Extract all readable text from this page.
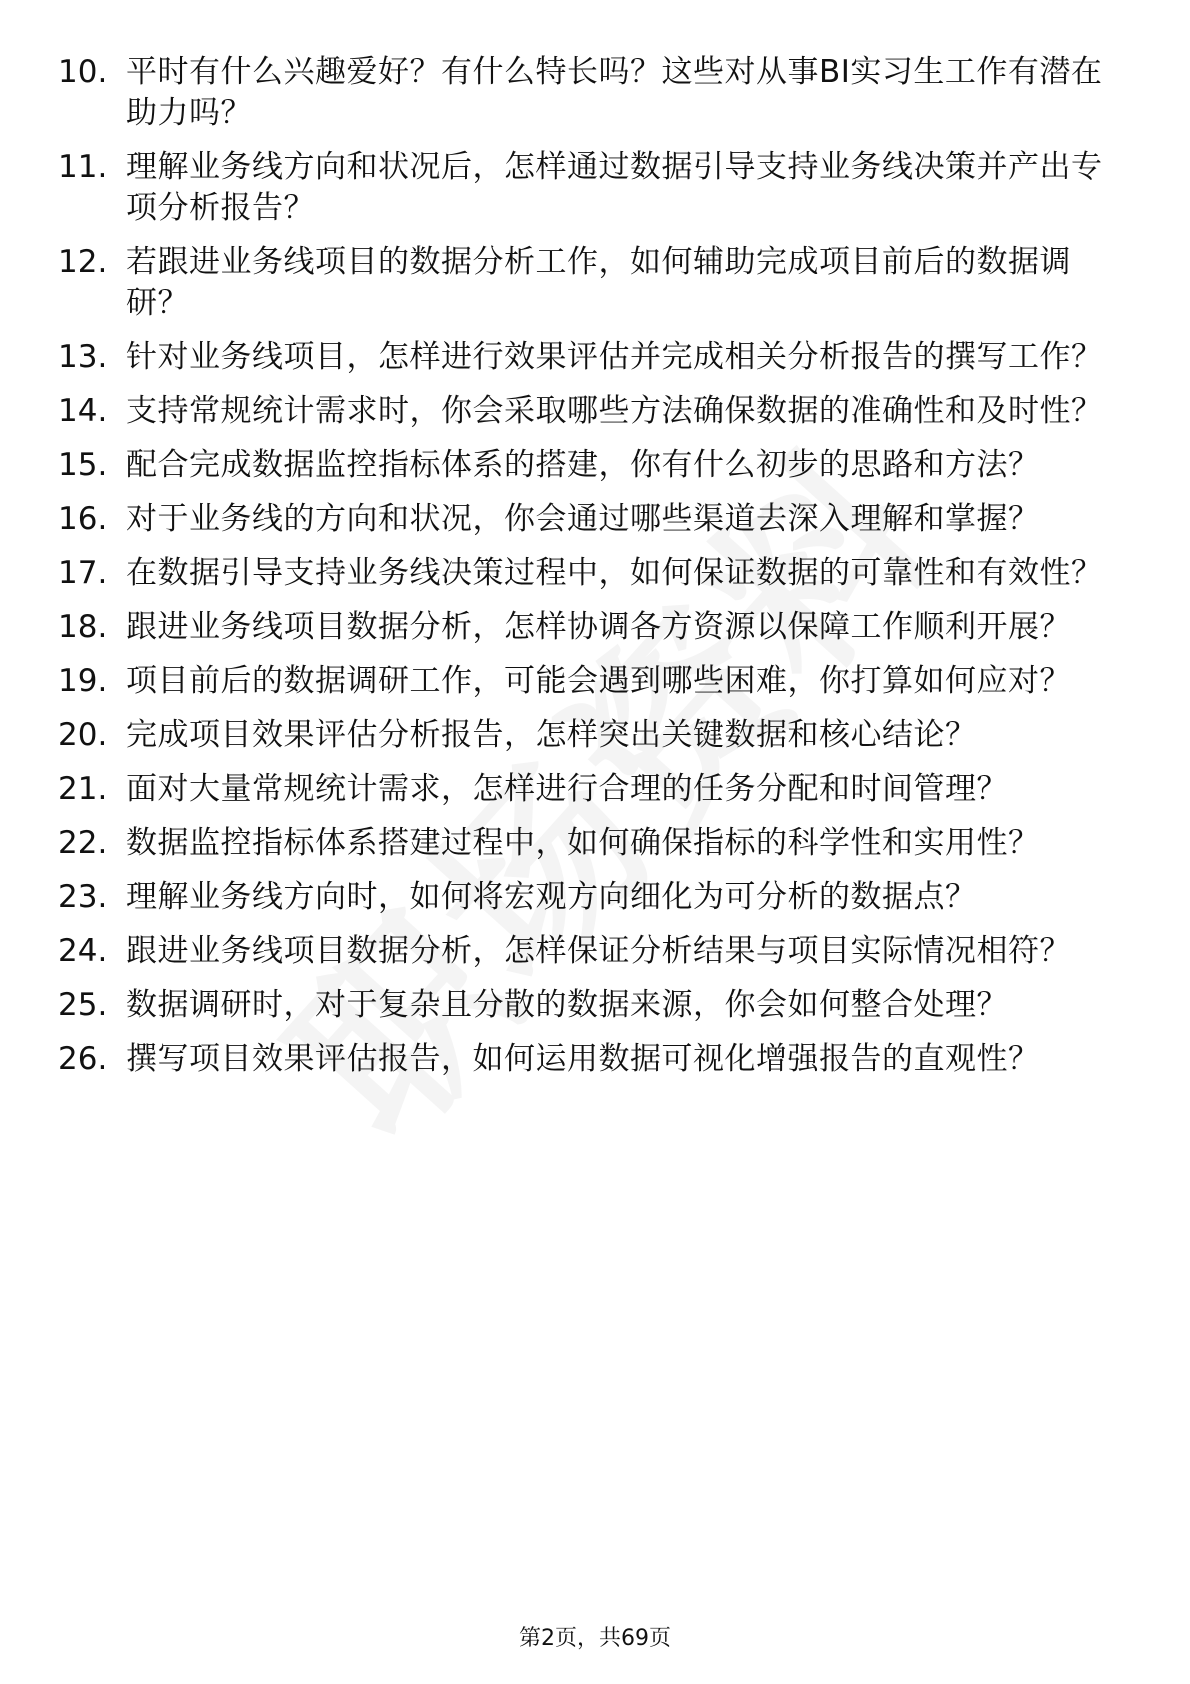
10. 平时有什么兴趣爱好？有什么特长吗？这些对从事BI实习生工作有潜在助力吗？
11. 理解业务线方向和状况后，怎样通过数据引导支持业务线决策并产出专项分析报告？
12. 若跟进业务线项目的数据分析工作，如何辅助完成项目前后的数据调研？
13. 针对业务线项目，怎样进行效果评估并完成相关分析报告的撰写工作？
14. 支持常规统计需求时，你会采取哪些方法确保数据的准确性和及时性？
15. 配合完成数据监控指标体系的搭建，你有什么初步的思路和方法？
16. 对于业务线的方向和状况，你会通过哪些渠道去深入理解和掌握？
17. 在数据引导支持业务线决策过程中，如何保证数据的可靠性和有效性？
18. 跟进业务线项目数据分析，怎样协调各方资源以保障工作顺利开展？
19. 项目前后的数据调研工作，可能会遇到哪些困难，你打算如何应对？
20. 完成项目效果评估分析报告，怎样突出关键数据和核心结论？
21. 面对大量常规统计需求，怎样进行合理的任务分配和时间管理？
22. 数据监控指标体系搭建过程中，如何确保指标的科学性和实用性？
23. 理解业务线方向时，如何将宏观方向细化为可分析的数据点？
24. 跟进业务线项目数据分析，怎样保证分析结果与项目实际情况相符？
25. 数据调研时，对于复杂且分散的数据来源，你会如何整合处理？
26. 撰写项目效果评估报告，如何运用数据可视化增强报告的直观性？
第2页，共69页
